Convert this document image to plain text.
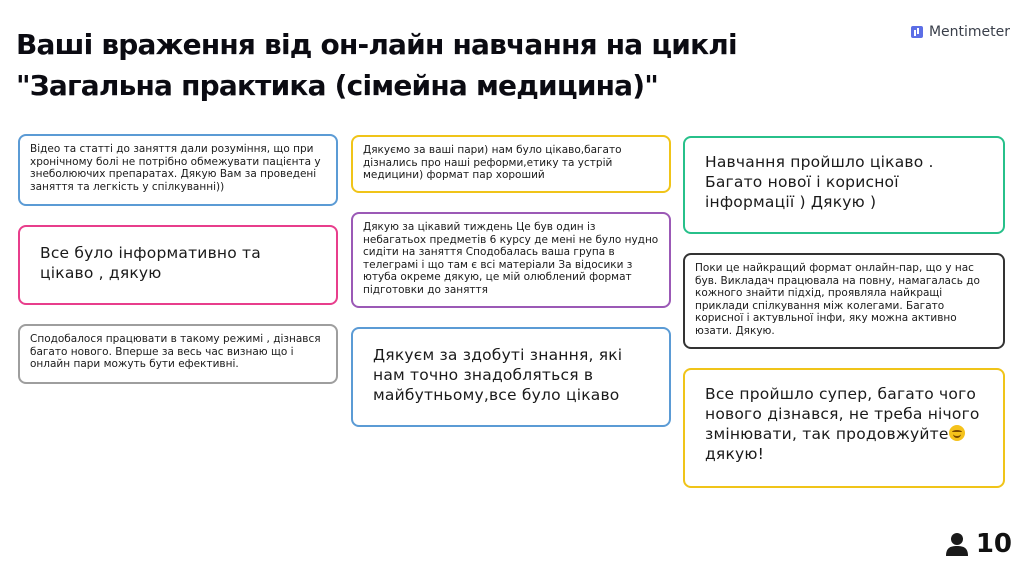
Ваші враження від он-лайн навчання на циклі
"Загальна практика (сімейна медицина)"
Mentimeter
Відео та статті до заняття дали розуміння, що при хронічному болі не потрібно обмежувати пацієнта у знеболюючих препаратах. Дякую Вам за проведені заняття та легкість у спілкуванні))
Все було інформативно та цікаво , дякую
Сподобалося працювати в такому режимі , дізнався багато нового. Вперше за весь час визнаю що і онлайн пари можуть бути ефективні.
Дякуємо за ваші пари) нам було цікаво,багато дізнались про наші реформи,етику та устрій медицини) формат пар хороший
Дякую за цікавий тиждень Це був один із небагатьох предметів 6 курсу де мені не було нудно сидіти на заняття Сподобалась ваша група в телеграмі і що там є всі матеріали За відосики з ютуба окреме дякую, це мій олюблений формат підготовки до заняття
Дякуєм за здобуті знання, які нам точно знадобляться в майбутньому,все було цікаво
Навчання пройшло цікаво . Багато нової і корисної інформації ) Дякую )
Поки це найкращий формат онлайн-пар, що у нас був. Викладач працювала на повну, намагалась до кожного знайти підхід, проявляла найкращі приклади спілкування між колегами. Багато корисної і актувльної інфи, яку можна активно юзати. Дякую.
Все пройшло супер, багато чого нового дізнався, не треба нічого змінювати, так продовжуйте дякую!
10
